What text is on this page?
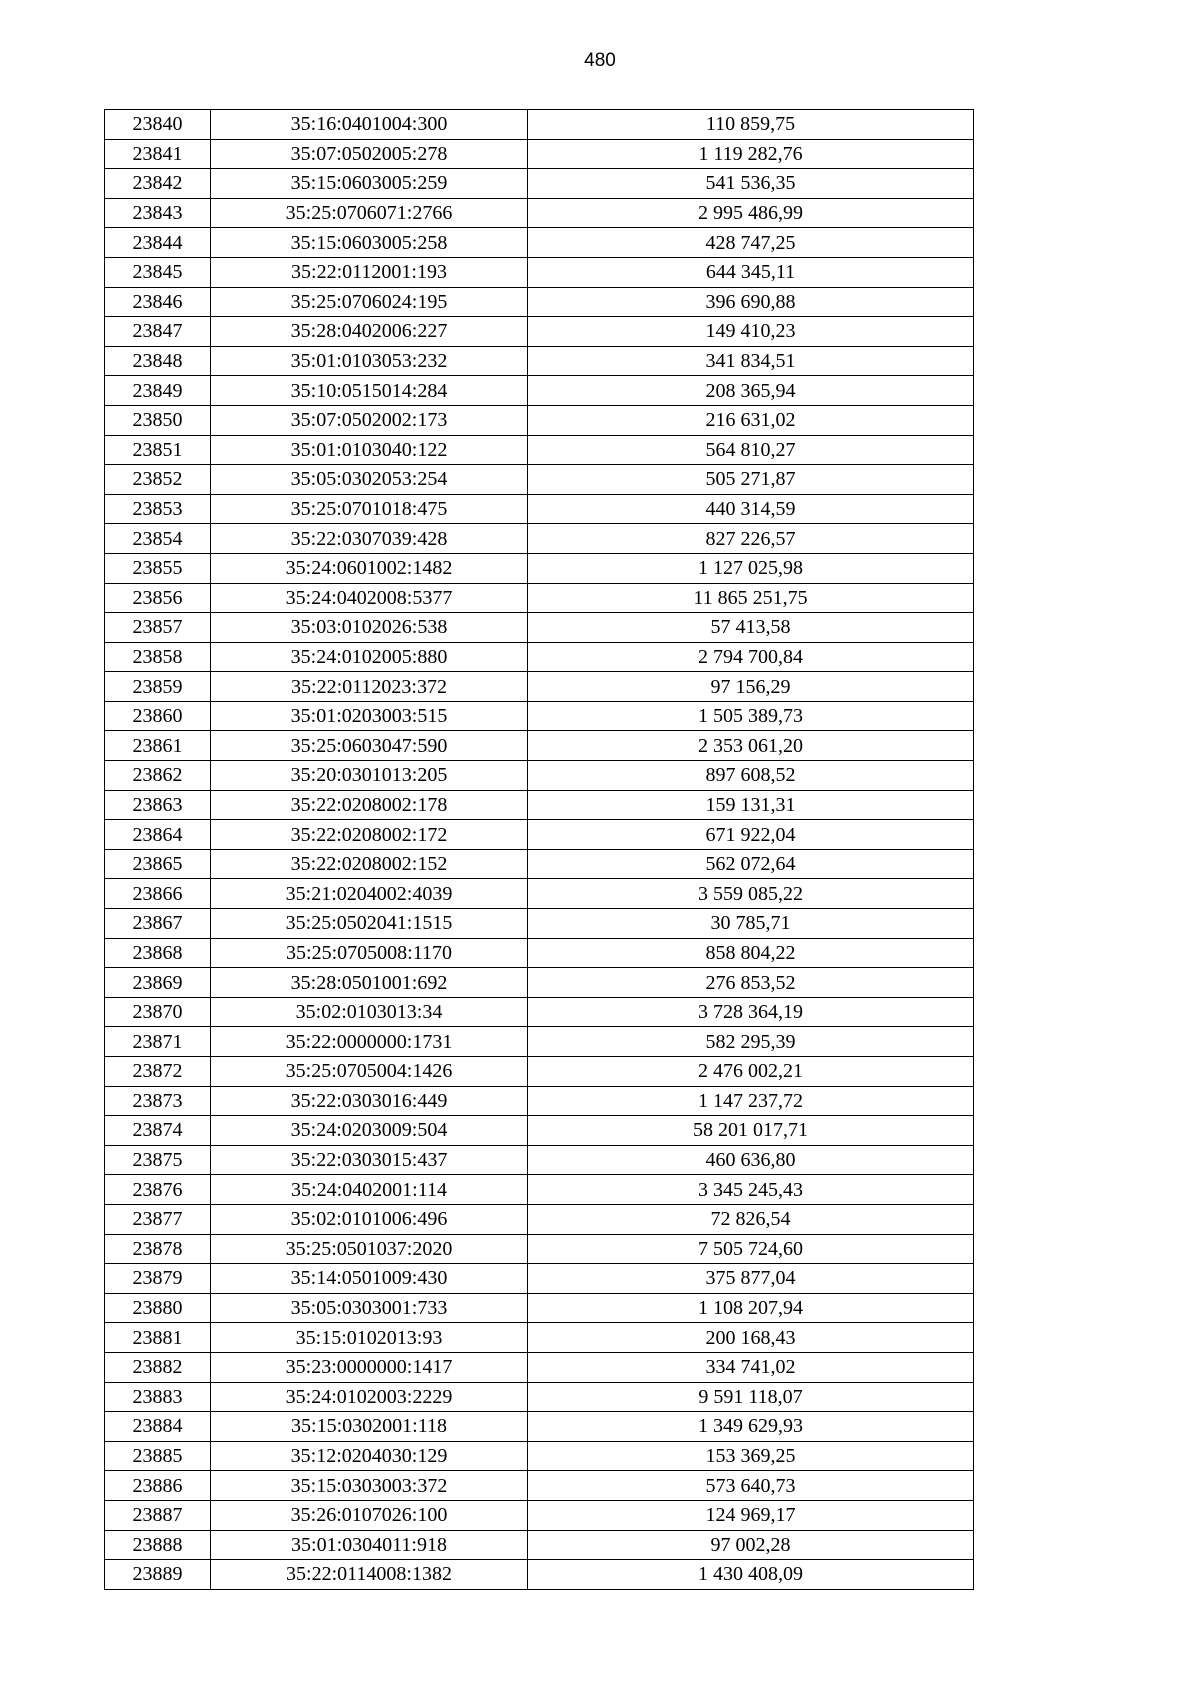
480
23840	35:16:0401004:300	110 859,75
23841	35:07:0502005:278	1 119 282,76
23842	35:15:0603005:259	541 536,35
23843	35:25:0706071:2766	2 995 486,99
23844	35:15:0603005:258	428 747,25
23845	35:22:0112001:193	644 345,11
23846	35:25:0706024:195	396 690,88
23847	35:28:0402006:227	149 410,23
23848	35:01:0103053:232	341 834,51
23849	35:10:0515014:284	208 365,94
23850	35:07:0502002:173	216 631,02
23851	35:01:0103040:122	564 810,27
23852	35:05:0302053:254	505 271,87
23853	35:25:0701018:475	440 314,59
23854	35:22:0307039:428	827 226,57
23855	35:24:0601002:1482	1 127 025,98
23856	35:24:0402008:5377	11 865 251,75
23857	35:03:0102026:538	57 413,58
23858	35:24:0102005:880	2 794 700,84
23859	35:22:0112023:372	97 156,29
23860	35:01:0203003:515	1 505 389,73
23861	35:25:0603047:590	2 353 061,20
23862	35:20:0301013:205	897 608,52
23863	35:22:0208002:178	159 131,31
23864	35:22:0208002:172	671 922,04
23865	35:22:0208002:152	562 072,64
23866	35:21:0204002:4039	3 559 085,22
23867	35:25:0502041:1515	30 785,71
23868	35:25:0705008:1170	858 804,22
23869	35:28:0501001:692	276 853,52
23870	35:02:0103013:34	3 728 364,19
23871	35:22:0000000:1731	582 295,39
23872	35:25:0705004:1426	2 476 002,21
23873	35:22:0303016:449	1 147 237,72
23874	35:24:0203009:504	58 201 017,71
23875	35:22:0303015:437	460 636,80
23876	35:24:0402001:114	3 345 245,43
23877	35:02:0101006:496	72 826,54
23878	35:25:0501037:2020	7 505 724,60
23879	35:14:0501009:430	375 877,04
23880	35:05:0303001:733	1 108 207,94
23881	35:15:0102013:93	200 168,43
23882	35:23:0000000:1417	334 741,02
23883	35:24:0102003:2229	9 591 118,07
23884	35:15:0302001:118	1 349 629,93
23885	35:12:0204030:129	153 369,25
23886	35:15:0303003:372	573 640,73
23887	35:26:0107026:100	124 969,17
23888	35:01:0304011:918	97 002,28
23889	35:22:0114008:1382	1 430 408,09
